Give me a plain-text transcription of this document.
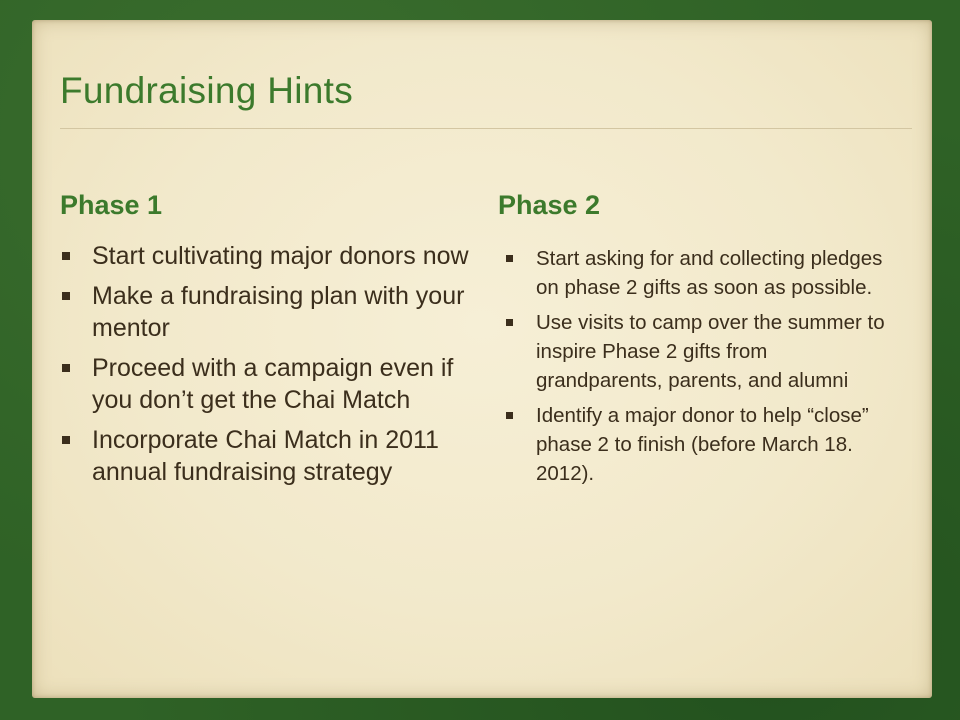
Fundraising Hints
Phase 1
Start cultivating major donors now
Make a fundraising plan with your mentor
Proceed with a campaign even if you don’t get the Chai Match
Incorporate Chai Match in 2011 annual fundraising strategy
Phase 2
Start asking for and collecting pledges on phase 2 gifts as soon as possible.
Use visits to camp over the summer to inspire Phase 2 gifts from grandparents, parents, and alumni
Identify a major donor to help “close” phase 2 to finish (before March 18. 2012).
